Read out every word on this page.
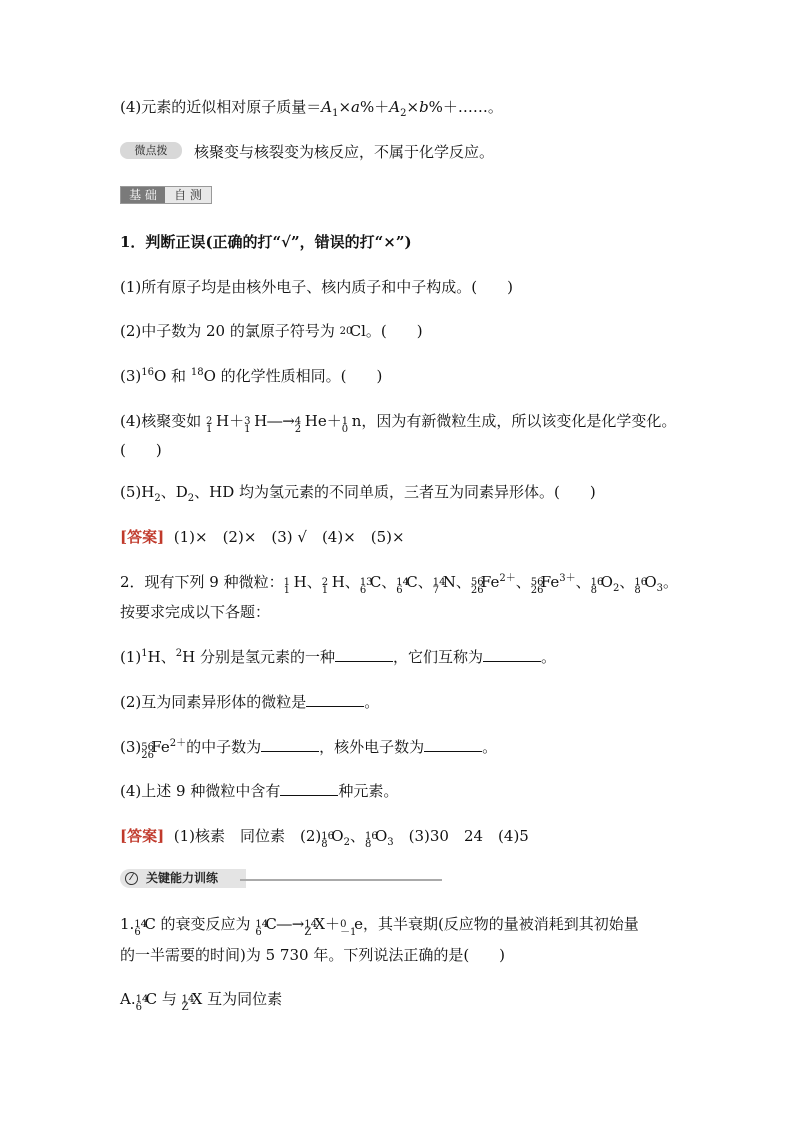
(4)元素的近似相对原子质量$=A_1\times a\%+A_2\times b\%+\dots\dots$。
微点拨	核聚变与核裂变为核反应，不属于化学反应。
基 础	自 测
1．判断正误(正确的打“√”，错误的打“×”)
(1)所有原子均是由核外电子、核内质子和中子构成。(　　)
(2)中子数为 20 的氯原子符号为 20
Cl。(　　)
$(3)^{16}O$ 和 $^{18}$O 的化学性质相同。(　　)
(4)核聚变如 2
1 H＋ 3
1 H―→ 4
2 He＋ 1
0 n，因为有新微粒生成，所以该变化是化学变化。
(　　)
$(5)H_2$、$D_2$、HD 均为氢元素的不同单质，三者互为同素异形体。(　　)
[答案] (1)×　(2)×　(3) √　(4)×　(5)×
2．现有下列 9 种微粒： 1
1 H、 2
1 H、 13
6 C、 14
6 C、 14
7 N、 56
26
$Fe^{2+}$、 56
26
$Fe^{3+}$、 16
8 $O_2$、 16
8 $O_3$。
按要求完成以下各题：
$(1)^1H$、$^2$H 分别是氢元素的一种	，它们互称为	。
(2)互为同素异形体的微粒是	。
(3) 56
26
$Fe^{2+}$的中子数为	，核外电子数为	。
(4)上述 9 种微粒中含有	种元素。
[答案] (1)核素　同位素　(2) 16
8 $O_2$、 16
8 $O_3$　(3)30　24　(4)5
⁄	关键能力训练
1. 14
6 C 的衰变反应为 14
6 C―→ 14
Z X＋ 0
－1
e，其半衰期(反应物的量被消耗到其初始量
的一半需要的时间)为 5 730 年。下列说法正确的是(　　)
A. 14
6 C 与 14
Z X 互为同位素
